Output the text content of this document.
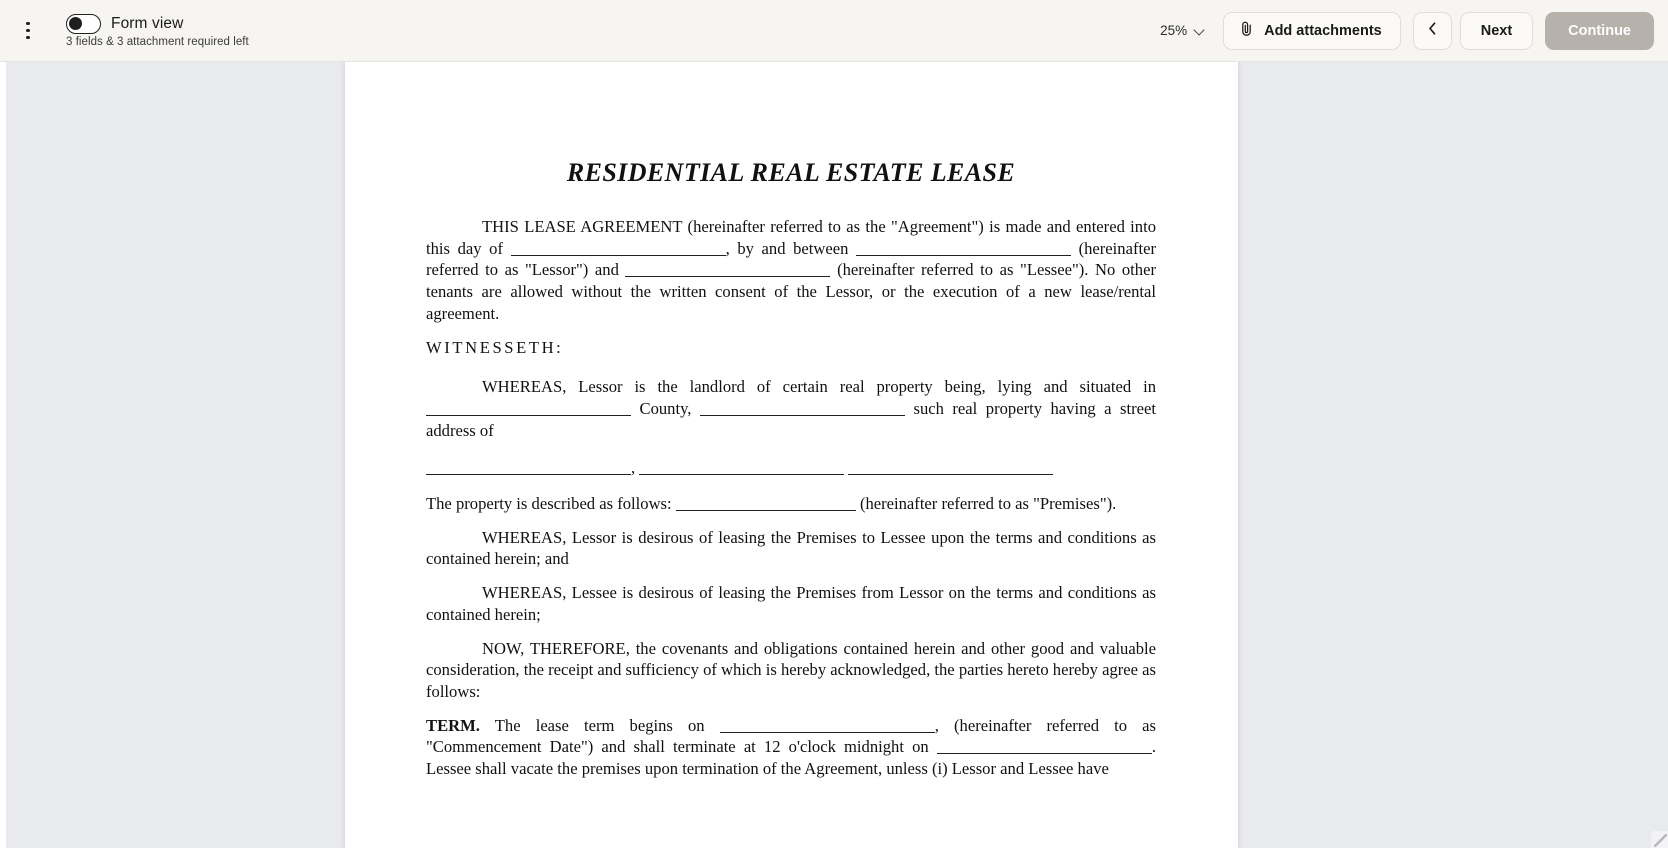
Form view
3 fields & 3 attachment required left
25%	Add attachments	Next	Continue
RESIDENTIAL REAL ESTATE LEASE
THIS LEASE AGREEMENT (hereinafter referred to as the "Agreement") is made and entered into this day of	, by and between	(hereinafter referred to as "Lessor") and	(hereinafter referred to as "Lessee"). No other tenants are allowed without the written consent of the Lessor, or the execution of a new lease/rental agreement.
WITNESSETH:
WHEREAS, Lessor is the landlord of certain real property being, lying and situated in  County,	such real property having a street address of
,
The property is described as follows:	(hereinafter referred to as "Premises").
WHEREAS, Lessor is desirous of leasing the Premises to Lessee upon the terms and conditions as contained herein; and
WHEREAS, Lessee is desirous of leasing the Premises from Lessor on the terms and conditions as contained herein;
NOW, THEREFORE, the covenants and obligations contained herein and other good and valuable consideration, the receipt and sufficiency of which is hereby acknowledged, the parties hereto hereby agree as follows:
TERM. The lease term begins on	, (hereinafter referred to as "Commencement Date") and shall terminate at 12 o'clock midnight on	. Lessee shall vacate the premises upon termination of the Agreement, unless (i) Lessor and Lessee have
